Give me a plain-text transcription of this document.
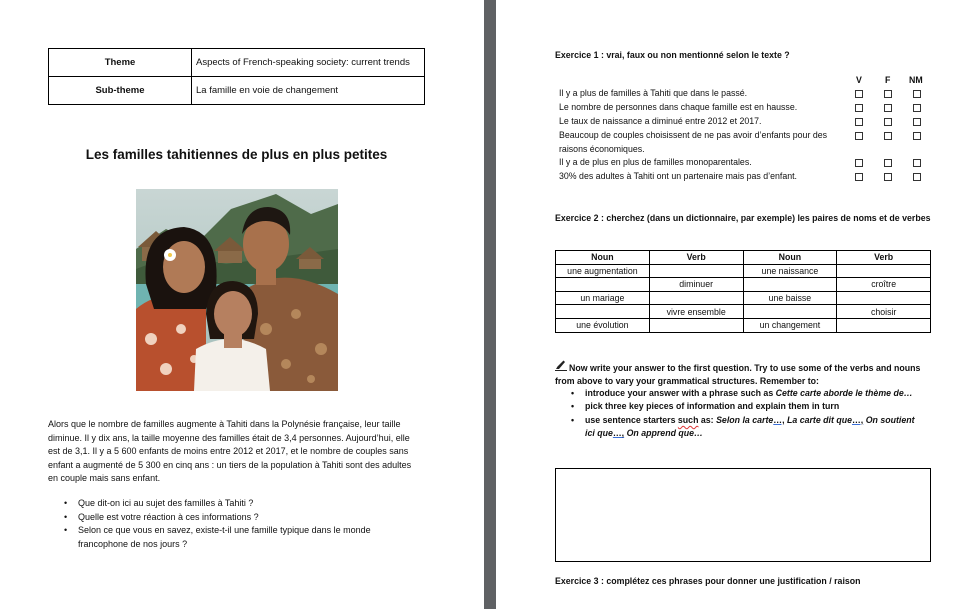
Theme	Aspects of French-speaking society: current trends
Sub-theme	La famille en voie de changement
Les familles tahitiennes de plus en plus petites
Alors que le nombre de familles augmente à Tahiti dans la Polynésie française, leur taille diminue. Il y dix ans, la taille moyenne des familles était de 3,4 personnes. Aujourd’hui, elle est de 3,1. Il y a 5 600 enfants de moins entre 2012 et 2017, et le nombre de couples sans enfant a augmenté de 5 300 en cinq ans : un tiers de la population à Tahiti sont des adultes en couple mais sans enfant.
• Que dit-on ici au sujet des familles à Tahiti ?
• Quelle est votre réaction à ces informations ?
• Selon ce que vous en savez, existe-t-il une famille typique dans le monde francophone de nos jours ?
Exercice 1 : vrai, faux ou non mentionné selon le texte ?
V	F NM
Il y a plus de familles à Tahiti que dans le passé.
Le nombre de personnes dans chaque famille est en hausse.
Le taux de naissance a diminué entre 2012 et 2017.
Beaucoup de couples choisissent de ne pas avoir d’enfants pour des raisons économiques.
Il y a de plus en plus de familles monoparentales.
30% des adultes à Tahiti ont un partenaire mais pas d’enfant.
Exercice 2 : cherchez (dans un dictionnaire, par exemple) les paires de noms et de verbes
Noun	Verb	Noun	Verb
une augmentation		une naissance	
	diminuer		croître
un mariage		une baisse	
	vivre ensemble		choisir
une évolution		un changement	
Now write your answer to the first question. Try to use some of the verbs and nouns from above to vary your grammatical structures. Remember to:
• introduce your answer with a phrase such as Cette carte aborde le thème de…
• pick three key pieces of information and explain them in turn
• use sentence starters such as: Selon la carte…, La carte dit que…, On soutient ici que…, On apprend que…
Exercice 3 : complétez ces phrases pour donner une justification / raison
